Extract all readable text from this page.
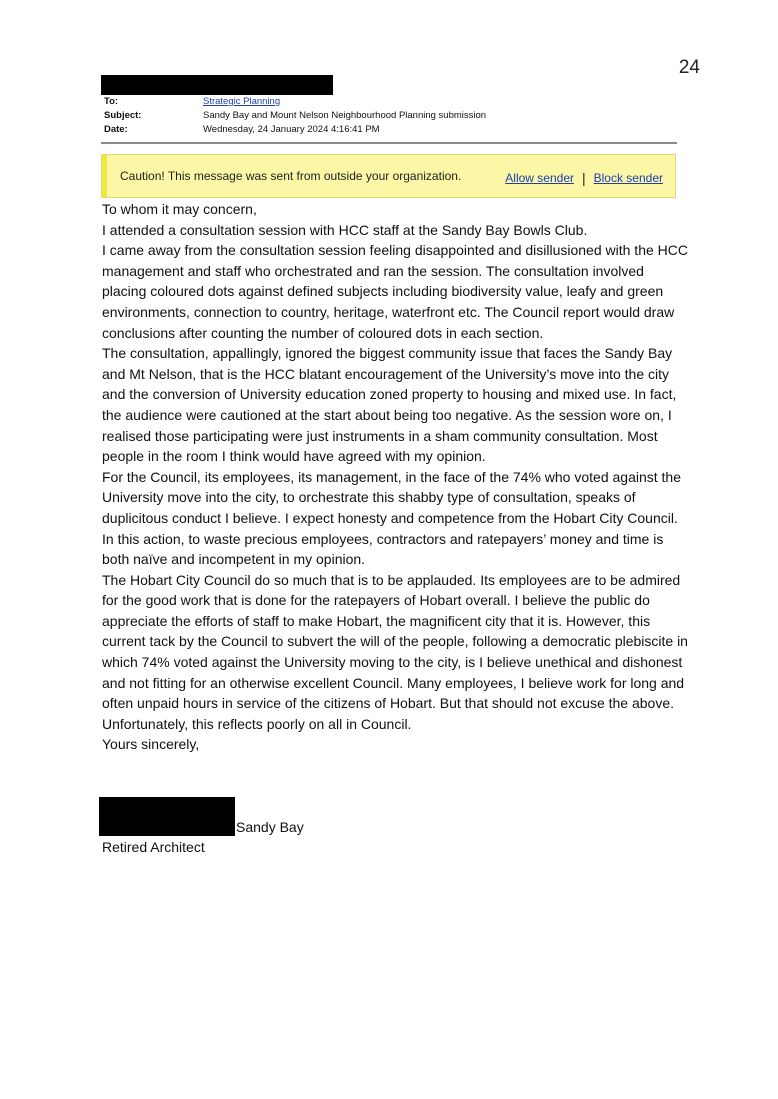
24
To:	Strategic Planning
Subject:	Sandy Bay and Mount Nelson Neighbourhood Planning submission
Date:	Wednesday, 24 January 2024 4:16:41 PM
Caution! This message was sent from outside your organization.	Allow sender | Block sender

To whom it may concern,

I attended a consultation session with HCC staff at the Sandy Bay Bowls Club.

I came away from the consultation session feeling disappointed and disillusioned with the HCC management and staff who orchestrated and ran the session. The consultation involved placing coloured dots against defined subjects including biodiversity value, leafy and green environments, connection to country, heritage, waterfront etc. The Council report would draw conclusions after counting the number of coloured dots in each section.

The consultation, appallingly, ignored the biggest community issue that faces the Sandy Bay and Mt Nelson, that is the HCC blatant encouragement of the University’s move into the city and the conversion of University education zoned property to housing and mixed use. In fact, the audience were cautioned at the start about being too negative. As the session wore on, I realised those participating were just instruments in a sham community consultation. Most people in the room I think would have agreed with my opinion.

For the Council, its employees, its management, in the face of the 74% who voted against the University move into the city, to orchestrate this shabby type of consultation, speaks of duplicitous conduct I believe. I expect honesty and competence from the Hobart City Council. In this action, to waste precious employees, contractors and ratepayers’ money and time is both naïve and incompetent in my opinion.

The Hobart City Council do so much that is to be applauded. Its employees are to be admired for the good work that is done for the ratepayers of Hobart overall. I believe the public do appreciate the efforts of staff to make Hobart, the magnificent city that it is. However, this current tack by the Council to subvert the will of the people, following a democratic plebiscite in which 74% voted against the University moving to the city, is I believe unethical and dishonest and not fitting for an otherwise excellent Council. Many employees, I believe work for long and often unpaid hours in service of the citizens of Hobart. But that should not excuse the above. Unfortunately, this reflects poorly on all in Council.

Yours sincerely,

Sandy Bay
Retired Architect
